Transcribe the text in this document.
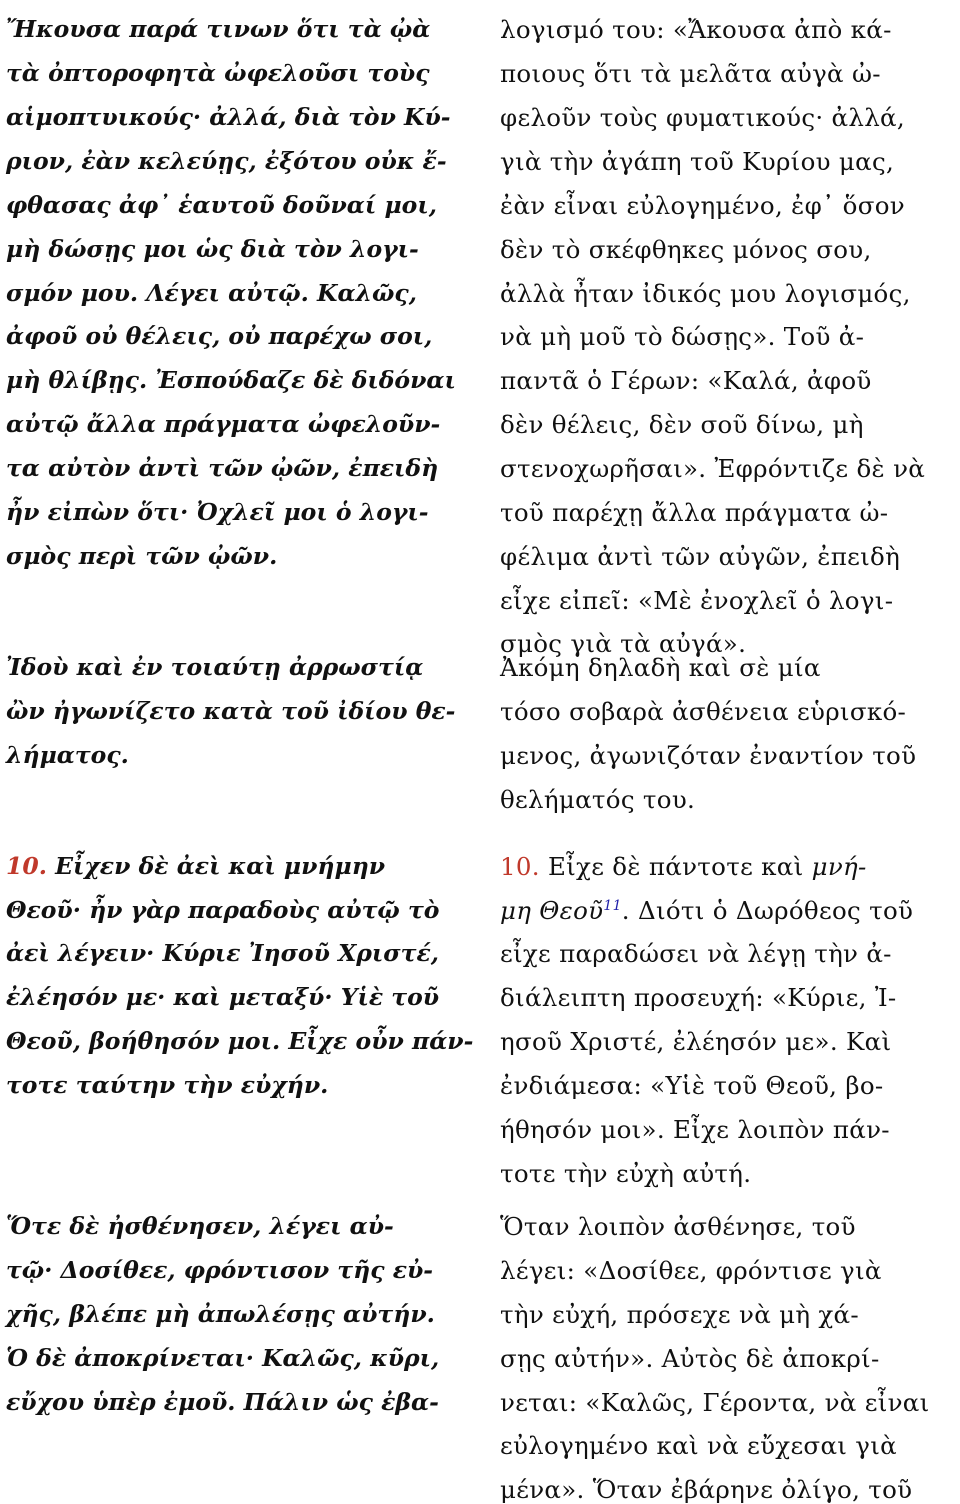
Ἤκουσα παρά τινων ὅτι τὰ ᾠὰ
τὰ ὀπτοροφητὰ ὠφελοῦσι τοὺς
αἱμοπτυικούς· ἀλλά, διὰ τὸν Κύ-
ριον, ἐὰν κελεύῃς, ἐξότου οὐκ ἔ-
φθασας ἀφ᾽ ἑαυτοῦ δοῦναί μοι,
μὴ δώσῃς μοι ὡς διὰ τὸν λογι-
σμόν μου. Λέγει αὐτῷ. Καλῶς,
ἀφοῦ οὐ θέλεις, οὐ παρέχω σοι,
μὴ θλίβῃς. Ἐσπούδαζε δὲ διδόναι
αὐτῷ ἄλλα πράγματα ὠφελοῦν-
τα αὐτὸν ἀντὶ τῶν ᾠῶν, ἐπειδὴ
ἦν εἰπὼν ὅτι· Ὀχλεῖ μοι ὁ λογι-
σμὸς περὶ τῶν ᾠῶν.
Ἰδοὺ καὶ ἐν τοιαύτῃ ἀρρωστίᾳ
ὢν ἠγωνίζετο κατὰ τοῦ ἰδίου θε-
λήματος.
10. Εἶχεν δὲ ἀεὶ καὶ μνήμην
Θεοῦ· ἦν γὰρ παραδοὺς αὐτῷ τὸ
ἀεὶ λέγειν· Κύριε Ἰησοῦ Χριστέ,
ἐλέησόν με· καὶ μεταξύ· Υἱὲ τοῦ
Θεοῦ, βοήθησόν μοι. Εἶχε οὖν πάν-
τοτε ταύτην τὴν εὐχήν.
Ὅτε δὲ ἠσθένησεν, λέγει αὐ-
τῷ· Δοσίθεε, φρόντισον τῆς εὐ-
χῆς, βλέπε μὴ ἀπωλέσῃς αὐτήν.
Ὁ δὲ ἀποκρίνεται· Καλῶς, κῦρι,
εὔχου ὑπὲρ ἐμοῦ. Πάλιν ὡς ἐβα-
λογισμό του: «Ἄκουσα ἀπὸ κά-
ποιους ὅτι τὰ μελᾶτα αὐγὰ ὠ-
φελοῦν τοὺς φυματικούς· ἀλλά,
γιὰ τὴν ἀγάπη τοῦ Κυρίου μας,
ἐὰν εἶναι εὐλογημένο, ἐφ᾽ ὅσον
δὲν τὸ σκέφθηκες μόνος σου,
ἀλλὰ ἦταν ἰδικός μου λογισμός,
νὰ μὴ μοῦ τὸ δώσῃς». Τοῦ ἀ-
παντᾶ ὁ Γέρων: «Καλά, ἀφοῦ
δὲν θέλεις, δὲν σοῦ δίνω, μὴ
στενοχωρῆσαι». Ἐφρόντιζε δὲ νὰ
τοῦ παρέχῃ ἄλλα πράγματα ὠ-
φέλιμα ἀντὶ τῶν αὐγῶν, ἐπειδὴ
εἶχε εἰπεῖ: «Μὲ ἐνοχλεῖ ὁ λογι-
σμὸς γιὰ τὰ αὐγά».
Ἀκόμη δηλαδὴ καὶ σὲ μία
τόσο σοβαρὰ ἀσθένεια εὑρισκό-
μενος, ἀγωνιζόταν ἐναντίον τοῦ
θελήματός του.
10. Εἶχε δὲ πάντοτε καὶ μνή-
μη Θεοῦ$^{11}$. Διότι ὁ Δωρόθεος τοῦ
εἶχε παραδώσει νὰ λέγῃ τὴν ἀ-
διάλειπτη προσευχή: «Κύριε, Ἰ-
ησοῦ Χριστέ, ἐλέησόν με». Καὶ
ἐνδιάμεσα: «Υἱὲ τοῦ Θεοῦ, βο-
ήθησόν μοι». Εἶχε λοιπὸν πάν-
τοτε τὴν εὐχὴ αὐτή.
Ὅταν λοιπὸν ἀσθένησε, τοῦ
λέγει: «Δοσίθεε, φρόντισε γιὰ
τὴν εὐχή, πρόσεχε νὰ μὴ χά-
σῃς αὐτήν». Αὐτὸς δὲ ἀποκρί-
νεται: «Καλῶς, Γέροντα, νὰ εἶναι
εὐλογημένο καὶ νὰ εὔχεσαι γιὰ
μένα». Ὅταν ἐβάρηνε ὀλίγο, τοῦ
